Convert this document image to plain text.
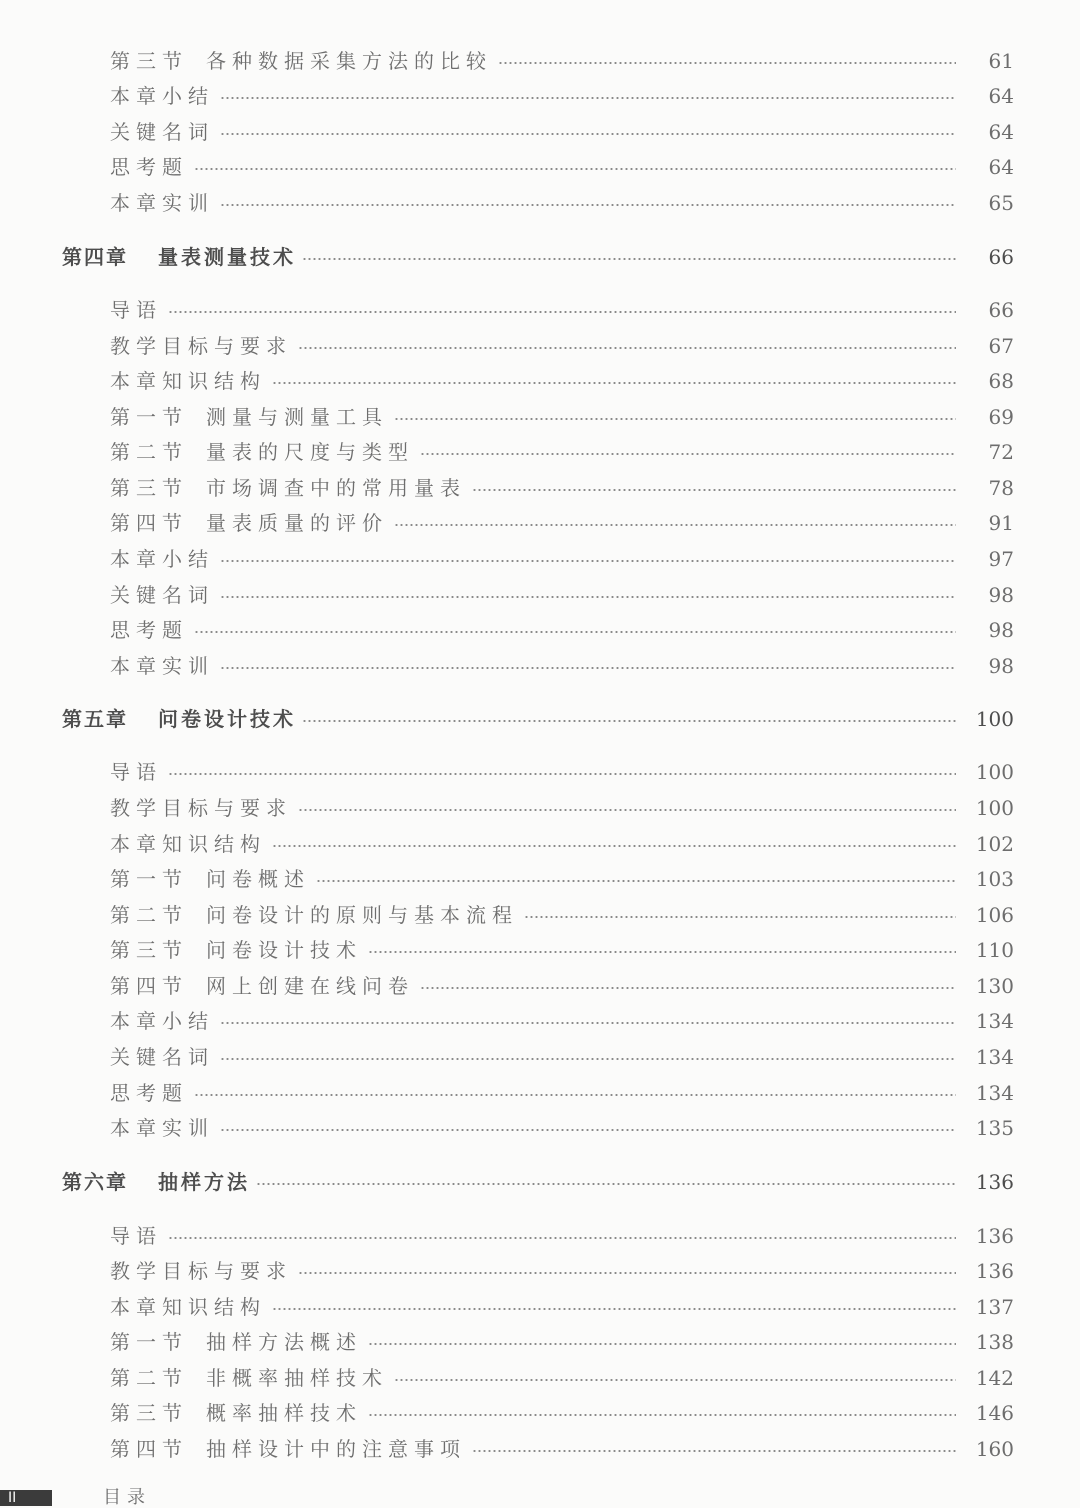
第三节 各种数据采集方法的比较	61
本章小结	64
关键名词	64
思考题	64
本章实训	65
第四章	量表测量技术	66
导语	66
教学目标与要求	67
本章知识结构	68
第一节 测量与测量工具	69
第二节 量表的尺度与类型	72
第三节 市场调查中的常用量表	78
第四节 量表质量的评价	91
本章小结	97
关键名词	98
思考题	98
本章实训	98
第五章	问卷设计技术	100
导语	100
教学目标与要求	100
本章知识结构	102
第一节 问卷概述	103
第二节 问卷设计的原则与基本流程	106
第三节 问卷设计技术	110
第四节 网上创建在线问卷	130
本章小结	134
关键名词	134
思考题	134
本章实训	135
第六章	抽样方法	136
导语	136
教学目标与要求	136
本章知识结构	137
第一节 抽样方法概述	138
第二节 非概率抽样技术	142
第三节 概率抽样技术	146
第四节 抽样设计中的注意事项	160
II	目录
